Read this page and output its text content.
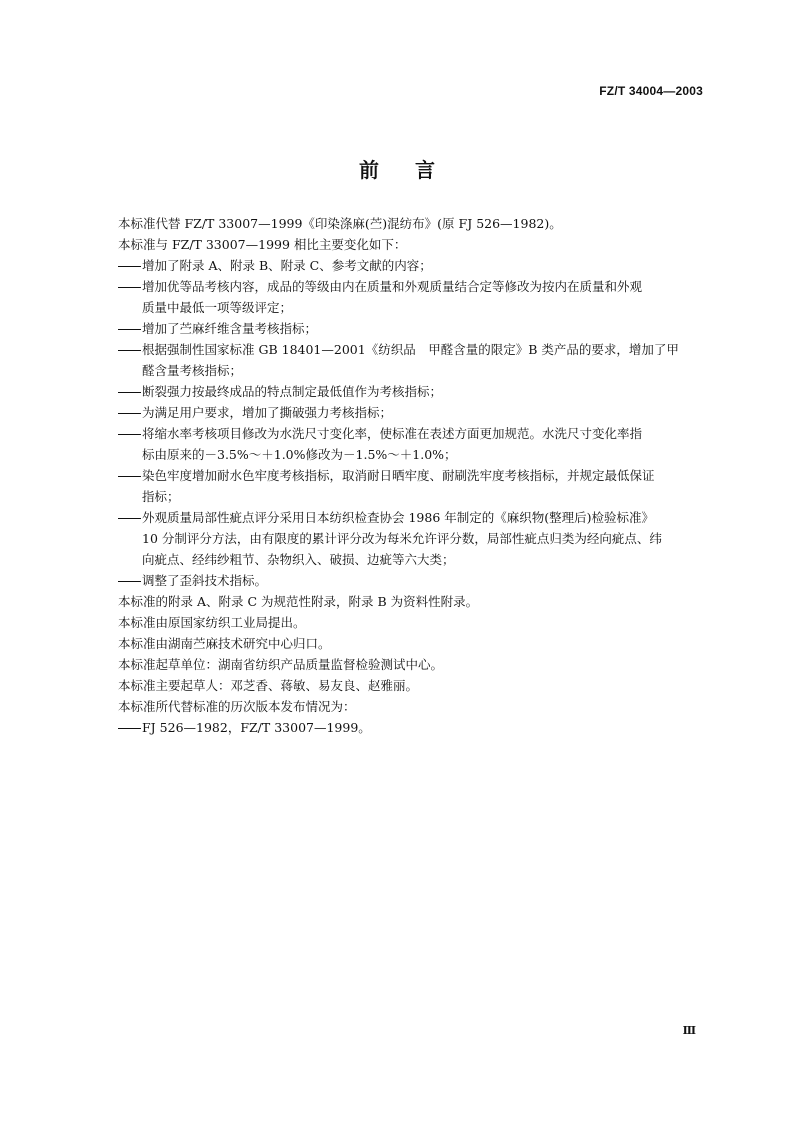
FZ/T 34004—2003
前言
本标准代替 FZ/T 33007—1999《印染涤麻(苎)混纺布》(原 FJ 526—1982)。
本标准与 FZ/T 33007—1999 相比主要变化如下：
增加了附录 A、附录 B、附录 C、参考文献的内容；
增加优等品考核内容，成品的等级由内在质量和外观质量结合定等修改为按内在质量和外观
质量中最低一项等级评定；
增加了苎麻纤维含量考核指标；
根据强制性国家标准 GB 18401—2001《纺织品　甲醛含量的限定》B 类产品的要求，增加了甲
醛含量考核指标；
断裂强力按最终成品的特点制定最低值作为考核指标；
为满足用户要求，增加了撕破强力考核指标；
将缩水率考核项目修改为水洗尺寸变化率，使标准在表述方面更加规范。水洗尺寸变化率指
标由原来的－3.5%～＋1.0%修改为－1.5%～＋1.0%；
染色牢度增加耐水色牢度考核指标，取消耐日晒牢度、耐刷洗牢度考核指标，并规定最低保证
指标；
外观质量局部性疵点评分采用日本纺织检查协会 1986 年制定的《麻织物(整理后)检验标准》
10 分制评分方法，由有限度的累计评分改为每米允许评分数，局部性疵点归类为经向疵点、纬
向疵点、经纬纱粗节、杂物织入、破损、边疵等六大类；
调整了歪斜技术指标。
本标准的附录 A、附录 C 为规范性附录，附录 B 为资料性附录。
本标准由原国家纺织工业局提出。
本标准由湖南苎麻技术研究中心归口。
本标准起草单位：湖南省纺织产品质量监督检验测试中心。
本标准主要起草人：邓芝香、蒋敏、易友良、赵雅丽。
本标准所代替标准的历次版本发布情况为：
FJ 526—1982，FZ/T 33007—1999。
Ⅲ
